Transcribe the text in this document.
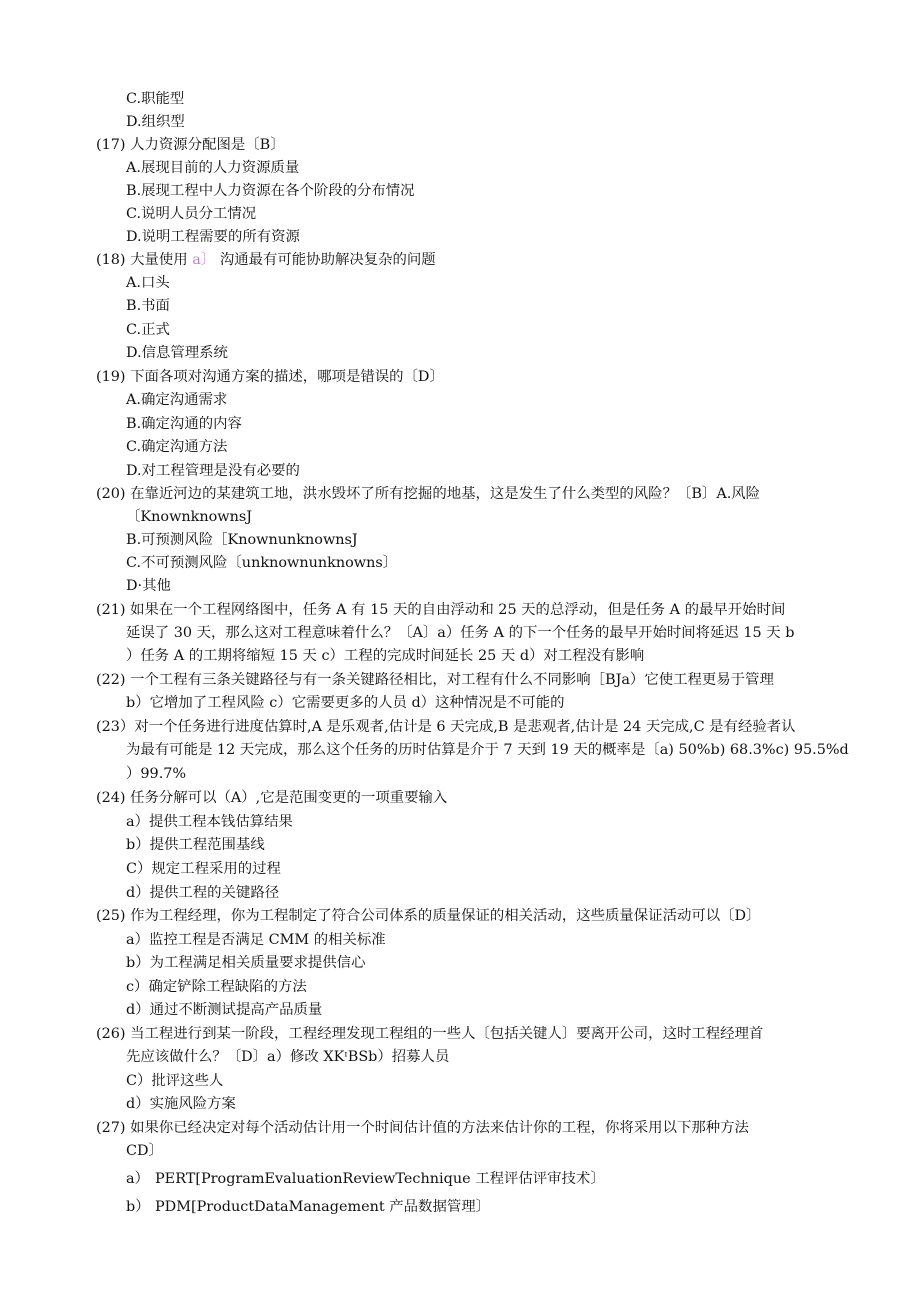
C.职能型
D.组织型
(17) 人力资源分配图是〔B〕
A.展现目前的人力资源质量
B.展现工程中人力资源在各个阶段的分布情况
C.说明人员分工情况
D.说明工程需要的所有资源
(18) 大量使用 a〕 沟通最有可能协助解决复杂的问题
A.口头
B.书面
C.正式
D.信息管理系统
(19) 下面各项对沟通方案的描述，哪项是错误的〔D〕
A.确定沟通需求
B.确定沟通的内容
C.确定沟通方法
D.对工程管理是没有必要的
(20) 在靠近河边的某建筑工地，洪水毁坏了所有挖掘的地基，这是发生了什么类型的风险？〔B〕A.风险
〔KnownknownsJ
B.可预测风险［KnownunknownsJ
C.不可预测风险〔unknownunknowns〕
D·其他
(21) 如果在一个工程网络图中，任务 A 有 15 天的自由浮动和 25 天的总浮动，但是任务 A 的最早开始时间
延误了 30 天，那么这对工程意味着什么？〔A〕a）任务 A 的下一个任务的最早开始时间将延迟 15 天 b
）任务 A 的工期将缩短 15 天 c）工程的完成时间延长 25 天 d）对工程没有影响
(22) 一个工程有三条关键路径与有一条关键路径相比，对工程有什么不同影响［BJa）它使工程更易于管理
b）它增加了工程风险 c）它需要更多的人员 d）这种情况是不可能的
(23）对一个任务进行进度估算时,A 是乐观者,估计是 6 天完成,B 是悲观者,估计是 24 天完成,C 是有经验者认
为最有可能是 12 天完成，那么这个任务的历时估算是介于 7 天到 19 天的概率是〔a) 50%b) 68.3%c) 95.5%d
）99.7%
(24) 任务分解可以（A）,它是范围变更的一项重要输入
a）提供工程本钱估算结果
b）提供工程范围基线
C）规定工程采用的过程
d）提供工程的关键路径
(25) 作为工程经理，你为工程制定了符合公司体系的质量保证的相关活动，这些质量保证活动可以〔D〕
a）监控工程是否满足 CMM 的相关标准
b）为工程满足相关质量要求提供信心
c）确定铲除工程缺陷的方法
d）通过不断测试提高产品质量
(26) 当工程进行到某一阶段，工程经理发现工程组的一些人〔包括关键人〕要离开公司，这时工程经理首
先应该做什么？〔D〕a）修改 XKᶦBSb）招募人员
C）批评这些人
d）实施风险方案
(27) 如果你已经决定对每个活动估计用一个时间估计值的方法来估计你的工程，你将采用以下那种方法
CD〕
a） PERT[ProgramEvaluationReviewTechnique 工程评估评审技术〕
b） PDM[ProductDataManagement 产品数据管理〕
